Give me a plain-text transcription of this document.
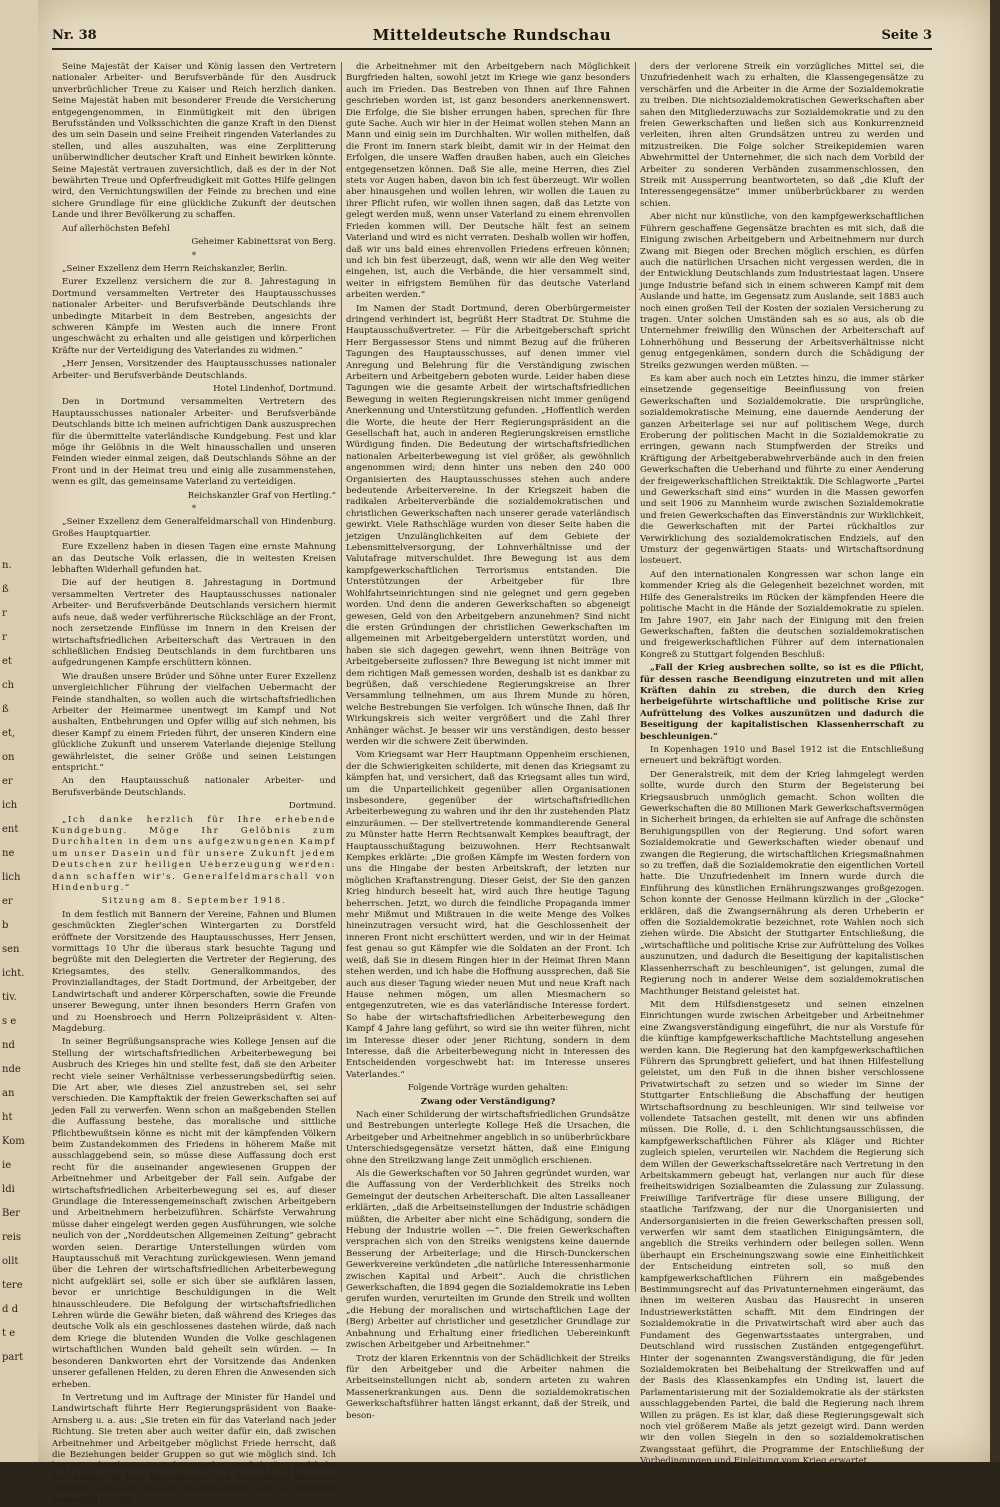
n.
ß
r
r
et
ch
ß
et,
on
er
ich
ent
ne
lich
er
b
sen
icht.
tiv.
s e
nd
nde
an
ht
Kom
ie
ldi
Ber
reis
ollt
tere
d d
t e
part
Nr. 38	Mitteldeutsche Rundschau	Seite 3

Seine Majestät der Kaiser und König lassen den Vertretern nationaler Arbeiter- und Berufsverbände für den Ausdruck unverbrüchlicher Treue zu Kaiser und Reich herzlich danken. Seine Majestät haben mit besonderer Freude die Versicherung entgegengenommen, in Einmütigkeit mit den übrigen Berufsständen und Volksschichten die ganze Kraft in den Dienst des um sein Dasein und seine Freiheit ringenden Vaterlandes zu stellen, und alles auszuhalten, was eine Zerplitterung unüberwindlicher deutscher Kraft und Einheit bewirken könnte. Seine Majestät vertrauen zuversichtlich, daß es der in der Not bewährten Treue und Opferfreudigkeit mit Gottes Hilfe gelingen wird, den Vernichtungswillen der Feinde zu brechen und eine sichere Grundlage für eine glückliche Zukunft der deutschen Lande und ihrer Bevölkerung zu schaffen.

Auf allerhöchsten Befehl

Geheimer Kabinettsrat von Berg.

*

„Seiner Exzellenz dem Herrn Reichskanzler, Berlin.

Eurer Exzellenz versichern die zur 8. Jahrestagung in Dortmund versammelten Vertreter des Hauptausschusses nationaler Arbeiter- und Berufsverbände Deutschlands ihre unbedingte Mitarbeit in dem Bestreben, angesichts der schweren Kämpfe im Westen auch die innere Front ungeschwächt zu erhalten und alle geistigen und körperlichen Kräfte nur der Verteidigung des Vaterlandes zu widmen.“

„Herr Jensen, Vorsitzender des Hauptausschusses nationaler Arbeiter- und Berufsverbände Deutschlands.

Hotel Lindenhof, Dortmund.

Den in Dortmund versammelten Vertretern des Hauptausschusses nationaler Arbeiter- und Berufsverbände Deutschlands bitte ich meinen aufrichtigen Dank auszusprechen für die übermittelte vaterländische Kundgebung. Fest und klar möge ihr Gelöbnis in die Welt hinausschallen und unseren Feinden wieder einmal zeigen, daß Deutschlands Söhne an der Front und in der Heimat treu und einig alle zusammenstehen, wenn es gilt, das gemeinsame Vaterland zu verteidigen.

Reichskanzler Graf von Hertling.“

*

„Seiner Exzellenz dem Generalfeldmarschall von Hindenburg. Großes Hauptquartier.

Eure Exzellenz haben in diesen Tagen eine ernste Mahnung an das Deutsche Volk erlassen, die in weitesten Kreisen lebhaften Widerhall gefunden hat.

Die auf der heutigen 8. Jahrestagung in Dortmund versammelten Vertreter des Hauptausschusses nationaler Arbeiter- und Berufsverbände Deutschlands versichern hiermit aufs neue, daß weder verführerische Rückschläge an der Front, noch zersetzende Einflüsse im Innern in den Kreisen der wirtschaftsfriedlichen Arbeiterschaft das Vertrauen in den schließlichen Endsieg Deutschlands in dem furchtbaren uns aufgedrungenen Kampfe erschüttern können.

Wie draußen unsere Brüder und Söhne unter Eurer Exzellenz unvergleichlicher Führung der vielfachen Uebermacht der Feinde standhalten, so wollen auch die wirtschaftsfriedlichen Arbeiter der Heimarmee unentwegt im Kampf und Not aushalten, Entbehrungen und Opfer willig auf sich nehmen, bis dieser Kampf zu einem Frieden führt, der unseren Kindern eine glückliche Zukunft und unserem Vaterlande diejenige Stellung gewährleistet, die seiner Größe und seinen Leistungen entspricht.“

An den Hauptausschuß nationaler Arbeiter- und Berufsverbände Deutschlands.

Dortmund.

„Ich danke herzlich für Ihre erhebende Kundgebung. Möge Ihr Gelöbnis zum Durchhalten in dem uns aufgezwungenen Kampf um unser Dasein und für unsere Zukunft jedem Deutschen zur heiligen Ueberzeugung werden: dann schaffen wir's. Generalfeldmarschall von Hindenburg.“

Sitzung am 8. September 1918.

In dem festlich mit Bannern der Vereine, Fahnen und Blumen geschmückten Ziegler'schen Wintergarten zu Dorstfeld eröffnete der Vorsitzende des Hauptausschusses, Herr Jensen, vormittags 10 Uhr die überaus stark besuchte Tagung und begrüßte mit den Delegierten die Vertreter der Regierung, des Kriegsamtes, des stellv. Generalkommandos, des Provinziallandtages, der Stadt Dortmund, der Arbeitgeber, der Landwirtschaft und anderer Körperschaften, sowie die Freunde unserer Bewegung, unter ihnen besonders Herrn Grafen von und zu Hoensbroech und Herrn Polizeipräsident v. Alten-Magdeburg.

In seiner Begrüßungsansprache wies Kollege Jensen auf die Stellung der wirtschaftsfriedlichen Arbeiterbewegung bei Ausbruch des Krieges hin und stellte fest, daß sie den Arbeiter recht viele seiner Verhältnisse verbesserungsbedürftig seien. Die Art aber, wie dieses Ziel anzustreben sei, sei sehr verschieden. Die Kampftaktik der freien Gewerkschaften sei auf jeden Fall zu verwerfen. Wenn schon an maßgebenden Stellen die Auffassung bestehe, das moralische und sittliche Pflichtbewußtsein könne es nicht mit der kämpfenden Völkern beim Zustandekommen des Friedens in höherem Maße mit ausschlaggebend sein, so müsse diese Auffassung doch erst recht für die auseinander angewiesenen Gruppen der Arbeitnehmer und Arbeitgeber der Fall sein. Aufgabe der wirtschaftsfriedlichen Arbeiterbewegung sei es, auf dieser Grundlage die Interessengemeinschaft zwischen Arbeitgebern und Arbeitnehmern herbeizuführen. Schärfste Verwahrung müsse daher eingelegt werden gegen Ausführungen, wie solche neulich von der „Norddeutschen Allgemeinen Zeitung“ gebracht worden seien. Derartige Unterstellungen würden vom Hauptausschuß mit Verachtung zurückgewiesen. Wenn jemand über die Lehren der wirtschaftsfriedlichen Arbeiterbewegung nicht aufgeklärt sei, solle er sich über sie aufklären lassen, bevor er unrichtige Beschuldigungen in die Welt hinausschleudere. Die Befolgung der wirtschaftsfriedlichen Lehren würde die Gewähr bieten, daß während des Krieges das deutsche Volk als ein geschlossenes dastehen würde, daß nach dem Kriege die blutenden Wunden die Volke geschlagenen wirtschaftlichen Wunden bald geheilt sein würden. — In besonderen Dankworten ehrt der Vorsitzende das Andenken unserer gefallenen Helden, zu deren Ehren die Anwesenden sich erheben.

In Vertretung und im Auftrage der Minister für Handel und Landwirtschaft führte Herr Regierungspräsident von Baake-Arnsberg u. a. aus: „Sie treten ein für das Vaterland nach jeder Richtung. Sie treten aber auch weiter dafür ein, daß zwischen Arbeitnehmer und Arbeitgeber möglichst Friede herrscht, daß die Beziehungen beider Gruppen so gut wie möglich sind. Ich bin seit Jahrzehnten im Industriegebiet amtlich tätig und habe von Anfang an Ihre Bestrebungen mit besonderem Interesse verfolgt; denn ich bin der Ueberzeugung, daß es dringend notwendig ist, daß

die Arbeitnehmer mit den Arbeitgebern nach Möglichkeit Burgfrieden halten, sowohl jetzt im Kriege wie ganz besonders auch im Frieden. Das Bestreben von Ihnen auf Ihre Fahnen geschrieben worden ist, ist ganz besonders anerkennenswert. Die Erfolge, die Sie bisher errungen haben, sprechen für Ihre gute Sache. Auch wir hier in der Heimat wollen stehen Mann an Mann und einig sein im Durchhalten. Wir wollen mithelfen, daß die Front im Innern stark bleibt, damit wir in der Heimat den Erfolgen, die unsere Waffen draußen haben, auch ein Gleiches entgegensetzen können. Daß Sie alle, meine Herren, dies Ziel stets vor Augen haben, davon bin ich fest überzeugt. Wir wollen aber hinausgehen und wollen lehren, wir wollen die Lauen zu ihrer Pflicht rufen, wir wollen ihnen sagen, daß das Letzte von gelegt werden muß, wenn unser Vaterland zu einem ehrenvollen Frieden kommen will. Der Deutsche hält fest an seinem Vaterland und wird es nicht verraten. Deshalb wollen wir hoffen, daß wir uns bald eines ehrenvollen Friedens erfreuen können; und ich bin fest überzeugt, daß, wenn wir alle den Weg weiter eingehen, ist, auch die Verbände, die hier versammelt sind, weiter in eifrigstem Bemühen für das deutsche Vaterland arbeiten werden.“

Im Namen der Stadt Dortmund, deren Oberbürgermeister dringend verhindert ist, begrüßt Herr Stadtrat Dr. Stuhme die Hauptausschußvertreter. — Für die Arbeitgeberschaft spricht Herr Bergassessor Stens und nimmt Bezug auf die früheren Tagungen des Hauptausschusses, auf denen immer viel Anregung und Belehrung für die Verständigung zwischen Arbeitern und Arbeitgebern geboten wurde. Leider haben diese Tagungen wie die gesamte Arbeit der wirtschaftsfriedlichen Bewegung in weiten Regierungskreisen nicht immer genügend Anerkennung und Unterstützung gefunden. „Hoffentlich werden die Worte, die heute der Herr Regierungspräsident an die Gesellschaft hat, auch in anderen Regierungskreisen ernstliche Würdigung finden. Die Bedeutung der wirtschaftsfriedlichen nationalen Arbeiterbewegung ist viel größer, als gewöhnlich angenommen wird; denn hinter uns neben den 240 000 Organisierten des Hauptausschusses stehen auch andere bedeutende Arbeitervereine. In der Kriegszeit haben die radikalen Arbeiterverbände die sozialdemokratischen und christlichen Gewerkschaften nach unserer gerade vaterländisch gewirkt. Viele Rathschläge wurden von dieser Seite haben die jetzigen Unzulänglichkeiten auf dem Gebiete der Lebensmittelversorgung, der Lohnverhältnisse und der Valutafrage mitverschuldet. Ihre Bewegung ist aus dem kampfgewerkschaftlichen Terrorismus entstanden. Die Unterstützungen der Arbeitgeber für Ihre Wohlfahrtseinrichtungen sind nie gelegnet und gern gegeben worden. Und denn die anderen Gewerkschaften so abgeneigt gewesen, Geld von den Arbeitgebern anzunehmen? Sind nicht die ersten Gründungen der christlichen Gewerkschaften im allgemeinen mit Arbeitgebergeldern unterstützt worden, und haben sie sich dagegen gewehrt, wenn ihnen Beiträge von Arbeitgeberseite zuflossen? Ihre Bewegung ist nicht immer mit dem richtigen Maß gemessen worden, deshalb ist es dankbar zu begrüßen, daß verschiedene Regierungskreise an Ihrer Versammlung teilnehmen, um aus Ihrem Munde zu hören, welche Bestrebungen Sie verfolgen. Ich wünsche Ihnen, daß Ihr Wirkungskreis sich weiter vergrößert und die Zahl Ihrer Anhänger wächst. Je besser wir uns verständigen, desto besser werden wir die schwere Zeit überwinden.

Vom Kriegsamt war Herr Hauptmann Oppenheim erschienen, der die Schwierigkeiten schilderte, mit denen das Kriegsamt zu kämpfen hat, und versichert, daß das Kriegsamt alles tun wird, um die Unparteilichkeit gegenüber allen Organisationen insbesondere, gegenüber der wirtschaftsfriedlichen Arbeiterbewegung zu wahren und ihr den ihr zustehenden Platz einzuräumen. — Der stellvertretende kommandierende General zu Münster hatte Herrn Rechtsanwalt Kempkes beauftragt, der Hauptausschußtagung beizuwohnen. Herr Rechtsanwalt Kempkes erklärte: „Die großen Kämpfe im Westen fordern von uns die Hingabe der besten Arbeitskraft, der letzten nur möglichen Kraftanstrengung. Dieser Geist, der Sie den ganzen Krieg hindurch beseelt hat, wird auch Ihre heutige Tagung beherrschen. Jetzt, wo durch die feindliche Propaganda immer mehr Mißmut und Mißtrauen in die weite Menge des Volkes hineinzutragen versucht wird, hat die Geschlossenheit der inneren Front nicht erschüttert werden, und wir in der Heimat fest genau so gut Kämpfer wie die Soldaten an der Front. Ich weiß, daß Sie in diesem Ringen hier in der Heimat Ihren Mann stehen werden, und ich habe die Hoffnung aussprechen, daß Sie auch aus dieser Tagung wieder neuen Mut und neue Kraft nach Hause nehmen mögen, um allen Miesmachern so entgegenzutreten, wie es das vaterländische Interesse fordert. So habe der wirtschaftsfriedlichen Arbeiterbewegung den Kampf 4 Jahre lang geführt, so wird sie ihn weiter führen, nicht im Interesse dieser oder jener Richtung, sondern in dem Interesse, daß die Arbeiterbewegung nicht in Interessen des Entscheidenden vorgeschwebt hat: im Interesse unseres Vaterlandes.“

Folgende Vorträge wurden gehalten:

Zwang oder Verständigung?

Nach einer Schilderung der wirtschaftsfriedlichen Grundsätze und Bestrebungen unterlegte Kollege Heß die Ursachen, die Arbeitgeber und Arbeitnehmer angeblich in so unüberbrückbare Unterschiedsgegensätze versetzt hätten, daß eine Einigung ohne den Streikzwang lange Zeit unmöglich erschienen.

Als die Gewerkschaften vor 50 Jahren gegründet wurden, war die Auffassung von der Verderblichkeit des Streiks noch Gemeingut der deutschen Arbeiterschaft. Die alten Lassalleaner erklärten, „daß die Arbeitseinstellungen der Industrie schädigen müßten, die Arbeiter aber nicht eine Schädigung, sondern die Hebung der Industrie wollen —“. Die freien Gewerkschaften versprachen sich von den Streiks wenigstens keine dauernde Besserung der Arbeiterlage; und die Hirsch-Dunckerschen Gewerkvereine verkündeten „die natürliche Interessenharmonie zwischen Kapital und Arbeit“. Auch die christlichen Gewerkschaften, die 1894 gegen die Sozialdemokratie ins Leben gerufen wurden, verurteilten im Grunde den Streik und wollten „die Hebung der moralischen und wirtschaftlichen Lage der (Berg) Arbeiter auf christlicher und gesetzlicher Grundlage zur Anbahnung und Erhaltung einer friedlichen Uebereinkunft zwischen Arbeitgeber und Arbeitnehmer.“

Trotz der klaren Erkenntnis von der Schädlichkeit der Streiks für den Arbeitgeber und die Arbeiter nahmen die Arbeitseinstellungen nicht ab, sondern arteten zu wahren Massenerkrankungen aus. Denn die sozialdemokratischen Gewerkschaftsführer hatten längst erkannt, daß der Streik, und beson-

ders der verlorene Streik ein vorzügliches Mittel sei, die Unzufriedenheit wach zu erhalten, die Klassengegensätze zu verschärfen und die Arbeiter in die Arme der Sozialdemokratie zu treiben. Die nichtsozialdemokratischen Gewerkschaften aber sahen den Mitgliederzuwachs zur Sozialdemokratie und zu den freien Gewerkschaften und ließen sich aus Konkurrenzneid verleiten, ihren alten Grundsätzen untreu zu werden und mitzustreiken. Die Folge solcher Streikepidemien waren Abwehrmittel der Unternehmer, die sich nach dem Vorbild der Arbeiter zu sonderen Verbänden zusammenschlossen, den Streik mit Aussperrung beantworteten, so daß „die Kluft der Interessengegensätze“ immer unüberbrückbarer zu werden schien.

Aber nicht nur künstliche, von den kampfgewerkschaftlichen Führern geschaffene Gegensätze brachten es mit sich, daß die Einigung zwischen Arbeitgebern und Arbeitnehmern nur durch Zwang mit Biegen oder Brechen möglich erschien, es dürfen auch die natürlichen Ursachen nicht vergessen werden, die in der Entwicklung Deutschlands zum Industriestaat lagen. Unsere junge Industrie befand sich in einem schweren Kampf mit dem Auslande und hatte, im Gegensatz zum Auslande, seit 1883 auch noch einen großen Teil der Kosten der sozialen Versicherung zu tragen. Unter solchen Umständen sah es so aus, als ob die Unternehmer freiwillig den Wünschen der Arbeiterschaft auf Lohnerhöhung und Besserung der Arbeitsverhältnisse nicht genug entgegenkämen, sondern durch die Schädigung der Streiks gezwungen werden müßten. —

Es kam aber auch noch ein Letztes hinzu, die immer stärker einsetzende gegenseitige Beeinflussung von freien Gewerkschaften und Sozialdemokratie. Die ursprüngliche, sozialdemokratische Meinung, eine dauernde Aenderung der ganzen Arbeiterlage sei nur auf politischem Wege, durch Eroberung der politischen Macht in die Sozialdemokratie zu erringen, gewann nach Stumpfwerden der Streiks und Kräftigung der Arbeitgeberabwehrverbände auch in den freien Gewerkschaften die Ueberhand und führte zu einer Aenderung der freigewerkschaftlichen Streiktaktik. Die Schlagworte „Partei und Gewerkschaft sind eins“ wurden in die Massen geworfen und seit 1906 zu Mannheim wurde zwischen Sozialdemokratie und freien Gewerkschaften das Einverständnis zur Wirklichkeit, die Gewerkschaften mit der Partei rückhaltlos zur Verwirklichung des sozialdemokratischen Endziels, auf den Umsturz der gegenwärtigen Staats- und Wirtschaftsordnung losteuert.

Auf den internationalen Kongressen war schon lange ein kommender Krieg als die Gelegenheit bezeichnet worden, mit Hilfe des Generalstreiks im Rücken der kämpfenden Heere die politische Macht in die Hände der Sozialdemokratie zu spielen. Im Jahre 1907, ein Jahr nach der Einigung mit den freien Gewerkschaften, faßten die deutschen sozialdemokratischen und freigewerkschaftlichen Führer auf dem internationalen Kongreß zu Stuttgart folgenden Beschluß:

„Fall der Krieg ausbrechen sollte, so ist es die Pflicht, für dessen rasche Beendigung einzutreten und mit allen Kräften dahin zu streben, die durch den Krieg herbeigeführte wirtschaftliche und politische Krise zur Aufrüttelung des Volkes auszunützen und dadurch die Beseitigung der kapitalistischen Klassenherrschaft zu beschleunigen.“

In Kopenhagen 1910 und Basel 1912 ist die Entschließung erneuert und bekräftigt worden.

Der Generalstreik, mit dem der Krieg lahmgelegt werden sollte, wurde durch den Sturm der Begeisterung bei Kriegsausbruch unmöglich gemacht. Schon wollten die Gewerkschaften die 80 Millionen Mark Gewerkschaftsvermögen in Sicherheit bringen, da erhielten sie auf Anfrage die schönsten Beruhigungspillen von der Regierung. Und sofort waren Sozialdemokratie und Gewerkschaften wieder obenauf und zwangen die Regierung, die wirtschaftlichen Kriegsmaßnahmen so zu treffen, daß die Sozialdemokratie den eigentlichen Vorteil hatte. Die Unzufriedenheit im Innern wurde durch die Einführung des künstlichen Ernährungszwanges großgezogen. Schon konnte der Genosse Heilmann kürzlich in der „Glocke“ erklären, daß die Zwangsernährung als deren Urheberin er offen die Sozialdemokratie bezeichnet, rote Wahlen noch sich ziehen würde. Die Absicht der Stuttgarter Entschließung, die „wirtschaftliche und politische Krise zur Aufrüttelung des Volkes auszunutzen, und dadurch die Beseitigung der kapitalistischen Klassenherrschaft zu beschleunigen“, ist gelungen, zumal die Regierung noch in anderer Weise dem sozialdemokratischen Machthunger Beistand geleistet hat.

Mit dem Hilfsdienstgesetz und seinen einzelnen Einrichtungen wurde zwischen Arbeitgeber und Arbeitnehmer eine Zwangsverständigung eingeführt, die nur als Vorstufe für die künftige kampfgewerkschaftliche Machtstellung angesehen werden kann. Die Regierung hat den kampfgewerkschaftlichen Führern das Sprungbrett geliefert, und hat ihnen Hilfestellung geleistet, um den Fuß in die ihnen bisher verschlossene Privatwirtschaft zu setzen und so wieder im Sinne der Stuttgarter Entschließung die Abschaffung der heutigen Wirtschaftsordnung zu beschleunigen. Wir sind teilweise vor vollendete Tatsachen gestellt, mit denen wir uns abfinden müssen. Die Rolle, d. i. den Schlichtungsausschüssen, die kampfgewerkschaftlichen Führer als Kläger und Richter zugleich spielen, verurteilen wir. Nachdem die Regierung sich dem Willen der Gewerkschaftssekretäre nach Vertretung in den Arbeitskammern gebeugt hat, verlangen nur auch für diese freiheitswidrigen Sozialbeamten die Zulassung zur Zulassung. Freiwillige Tarifverträge für diese unsere Billigung, der staatliche Tarifzwang, der nur die Unorganisierten und Andersorganisierten in die freien Gewerkschaften pressen soll, verwerfen wir samt dem staatlichen Einigungsämtern, die angeblich die Streiks verhindern oder beilegen sollen. Wenn überhaupt ein Erscheinungszwang sowie eine Einheitlichkeit der Entscheidung eintreten soll, so muß den kampfgewerkschaftlichen Führern ein maßgebendes Bestimmungsrecht auf das Privatunternehmen eingeräumt, das ihnen im weiteren Ausbau das Hausrecht in unseren Industriewerkstätten schafft. Mit dem Eindringen der Sozialdemokratie in die Privatwirtschaft wird aber auch das Fundament des Gegenwartsstaates untergraben, und Deutschland wird russischen Zuständen entgegengeführt. Hinter der sogenannten Zwangsverständigung, die für jeden Sozialdemokraten bei Beibehaltung der Streikwaffen und auf der Basis des Klassenkampfes ein Unding ist, lauert die Parlamentarisierung mit der Sozialdemokratie als der stärksten ausschlaggebenden Partei, die bald die Regierung nach ihrem Willen zu prägen. Es ist klar, daß diese Regierungsgewalt sich noch viel größerem Maße als jetzt gezeigt wird. Dann werden wir den vollen Siegeln in den so sozialdemokratischen Zwangsstaat geführt, die Programme der Entschließung der Vorbedingungen und Einleitung vom Krieg erwartet.
